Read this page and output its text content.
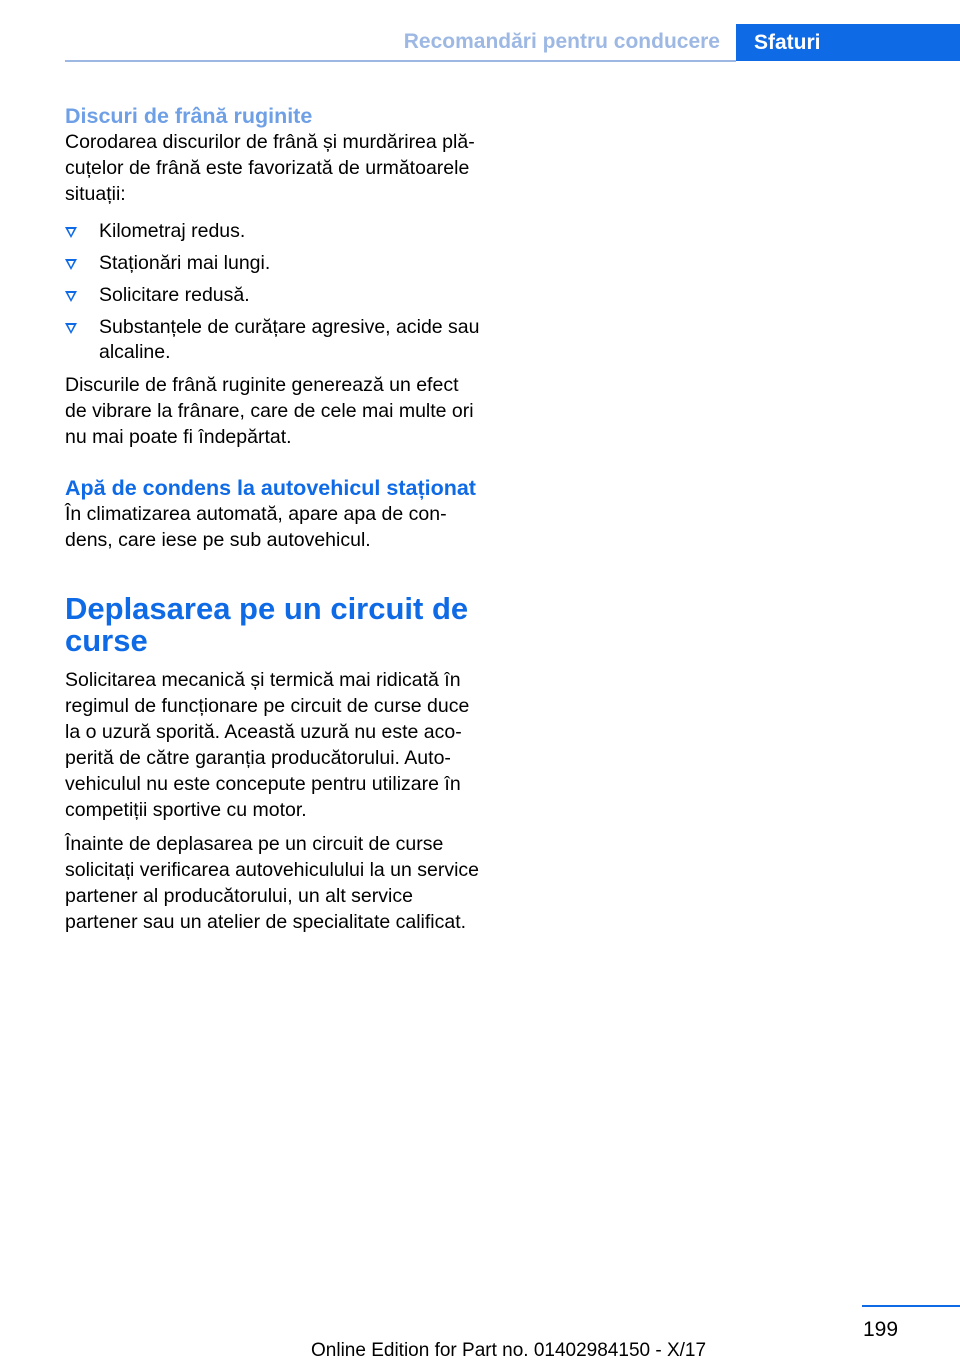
Recomandări pentru conducere	Sfaturi
Discuri de frână ruginite

Corodarea discurilor de frână și murdărirea plăcuțelor de frână este favorizată de următoarele situații:

Kilometraj redus.
Staționări mai lungi.
Solicitare redusă.
Substanțele de curățare agresive, acide sau alcaline.

Discurile de frână ruginite generează un efect de vibrare la frânare, care de cele mai multe ori nu mai poate fi îndepărtat.

Apă de condens la autovehicul staționat

În climatizarea automată, apare apa de condens, care iese pe sub autovehicul.

Deplasarea pe un circuit de curse

Solicitarea mecanică și termică mai ridicată în regimul de funcționare pe circuit de curse duce la o uzură sporită. Această uzură nu este acoperită de către garanția producătorului. Autovehiculul nu este concepute pentru utilizare în competiții sportive cu motor.

Înainte de deplasarea pe un circuit de curse solicitați verificarea autovehiculului la un service partener al producătorului, un alt service partener sau un atelier de specialitate calificat.

199
Online Edition for Part no. 01402984150 - X/17
